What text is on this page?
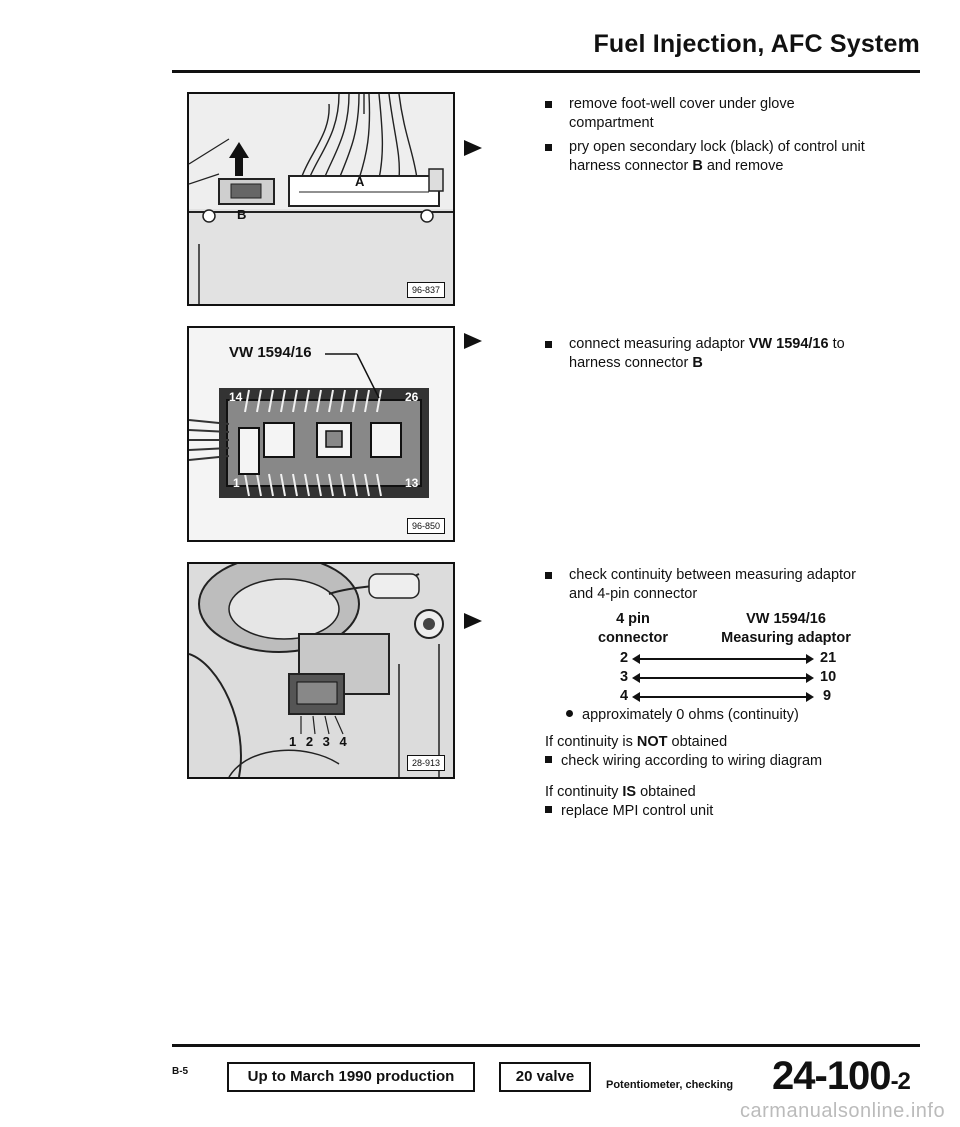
Fuel Injection, AFC System
A
B
96-837
VW 1594/16
14	26
1	13
96-850
1 2 3 4
28-913
remove foot-well cover under glove compartment
pry open secondary lock (black) of control unit harness connector B and remove
connect measuring adaptor VW 1594/16 to harness connector B
check continuity between measuring adaptor and 4-pin connector
4 pin
connector
VW 1594/16
Measuring adaptor
2	21
3	10
4	9
approximately 0 ohms (continuity)
If continuity is NOT obtained
check wiring according to wiring diagram
If continuity IS obtained
replace MPI control unit
B-5	Up to March 1990 production	20 valve	Potentiometer, checking 24-100-2
carmanualsonline.info
